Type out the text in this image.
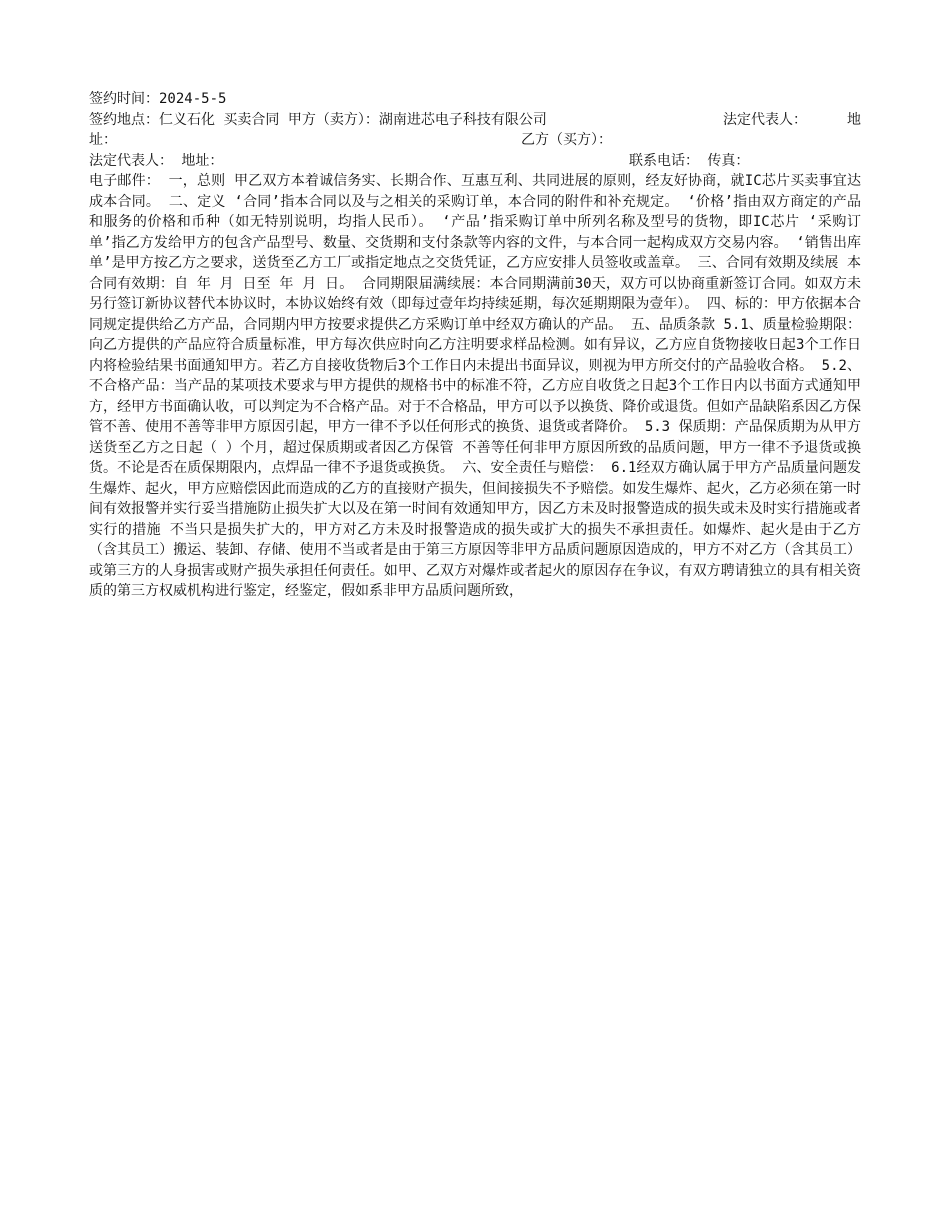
签约时间：2024-5-5
签约地点：仁义石化 买卖合同 甲方（卖方）：湖南进芯电子科技有限公司	法定代表人：	地
址：	乙方（买方）：
法定代表人： 地址：	联系电话： 传真：

电子邮件： 一，总则 甲乙双方本着诚信务实、长期合作、互惠互利、共同进展的原则，经友好协商，就IC芯片买卖事宜达成本合同。 二、定义 ‘合同’指本合同以及与之相关的采购订单，本合同的附件和补充规定。 ‘价格’指由双方商定的产品和服务的价格和币种（如无特别说明，均指人民币）。 ‘产品’指采购订单中所列名称及型号的货物，即IC芯片 ‘采购订单’指乙方发给甲方的包含产品型号、数量、交货期和支付条款等内容的文件，与本合同一起构成双方交易内容。 ‘销售出库单’是甲方按乙方之要求，送货至乙方工厂或指定地点之交货凭证，乙方应安排人员签收或盖章。 三、合同有效期及续展 本合同有效期：自 年 月 日至 年 月 日。 合同期限届满续展：本合同期满前30天，双方可以协商重新签订合同。如双方未另行签订新协议替代本协议时，本协议始终有效（即每过壹年均持续延期，每次延期期限为壹年）。 四、标的：甲方依据本合同规定提供给乙方产品，合同期内甲方按要求提供乙方采购订单中经双方确认的产品。 五、品质条款 5.1、质量检验期限：向乙方提供的产品应符合质量标准，甲方每次供应时向乙方注明要求样品检测。如有异议，乙方应自货物接收日起3个工作日内将检验结果书面通知甲方。若乙方自接收货物后3个工作日内未提出书面异议，则视为甲方所交付的产品验收合格。 5.2、不合格产品：当产品的某项技术要求与甲方提供的规格书中的标准不符，乙方应自收货之日起3个工作日内以书面方式通知甲方，经甲方书面确认收，可以判定为不合格产品。对于不合格品，甲方可以予以换货、降价或退货。但如产品缺陷系因乙方保管不善、使用不善等非甲方原因引起，甲方一律不予以任何形式的换货、退货或者降价。 5.3 保质期：产品保质期为从甲方送货至乙方之日起（ ）个月，超过保质期或者因乙方保管 不善等任何非甲方原因所致的品质问题，甲方一律不予退货或换货。不论是否在质保期限内，点焊品一律不予退货或换货。 六、安全责任与赔偿： 6.1经双方确认属于甲方产品质量问题发生爆炸、起火，甲方应赔偿因此而造成的乙方的直接财产损失，但间接损失不予赔偿。如发生爆炸、起火，乙方必须在第一时间有效报警并实行妥当措施防止损失扩大以及在第一时间有效通知甲方，因乙方未及时报警造成的损失或未及时实行措施或者实行的措施 不当只是损失扩大的，甲方对乙方未及时报警造成的损失或扩大的损失不承担责任。如爆炸、起火是由于乙方（含其员工）搬运、装卸、存储、使用不当或者是由于第三方原因等非甲方品质问题原因造成的，甲方不对乙方（含其员工）或第三方的人身损害或财产损失承担任何责任。如甲、乙双方对爆炸或者起火的原因存在争议，有双方聘请独立的具有相关资质的第三方权威机构进行鉴定，经鉴定，假如系非甲方品质问题所致，
